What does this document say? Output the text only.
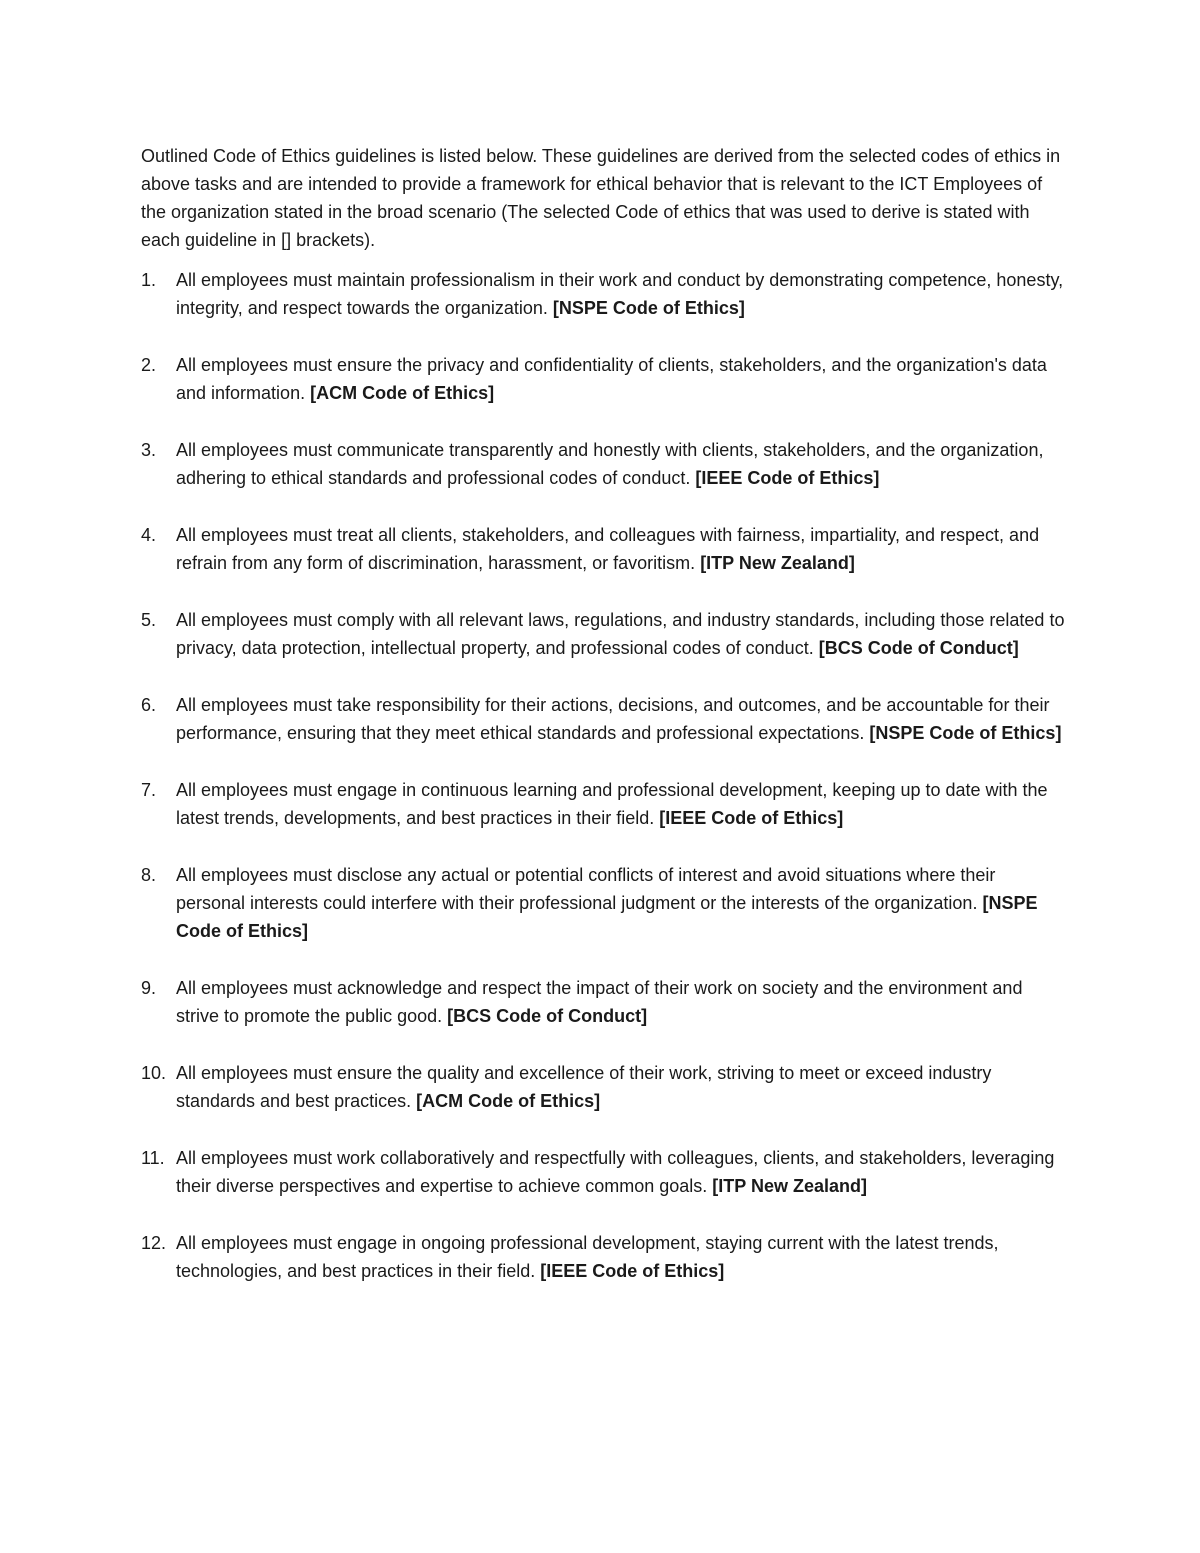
Outlined Code of Ethics guidelines is listed below. These guidelines are derived from the selected codes of ethics in above tasks and are intended to provide a framework for ethical behavior that is relevant to the ICT Employees of the organization stated in the broad scenario (The selected Code of ethics that was used to derive is stated with each guideline in [] brackets).

1. All employees must maintain professionalism in their work and conduct by demonstrating competence, honesty, integrity, and respect towards the organization. [NSPE Code of Ethics]
2. All employees must ensure the privacy and confidentiality of clients, stakeholders, and the organization's data and information. [ACM Code of Ethics]
3. All employees must communicate transparently and honestly with clients, stakeholders, and the organization, adhering to ethical standards and professional codes of conduct. [IEEE Code of Ethics]
4. All employees must treat all clients, stakeholders, and colleagues with fairness, impartiality, and respect, and refrain from any form of discrimination, harassment, or favoritism. [ITP New Zealand]
5. All employees must comply with all relevant laws, regulations, and industry standards, including those related to privacy, data protection, intellectual property, and professional codes of conduct. [BCS Code of Conduct]
6. All employees must take responsibility for their actions, decisions, and outcomes, and be accountable for their performance, ensuring that they meet ethical standards and professional expectations. [NSPE Code of Ethics]
7. All employees must engage in continuous learning and professional development, keeping up to date with the latest trends, developments, and best practices in their field. [IEEE Code of Ethics]
8. All employees must disclose any actual or potential conflicts of interest and avoid situations where their personal interests could interfere with their professional judgment or the interests of the organization. [NSPE Code of Ethics]
9. All employees must acknowledge and respect the impact of their work on society and the environment and strive to promote the public good. [BCS Code of Conduct]
10. All employees must ensure the quality and excellence of their work, striving to meet or exceed industry standards and best practices. [ACM Code of Ethics]
11. All employees must work collaboratively and respectfully with colleagues, clients, and stakeholders, leveraging their diverse perspectives and expertise to achieve common goals. [ITP New Zealand]
12. All employees must engage in ongoing professional development, staying current with the latest trends, technologies, and best practices in their field. [IEEE Code of Ethics]
